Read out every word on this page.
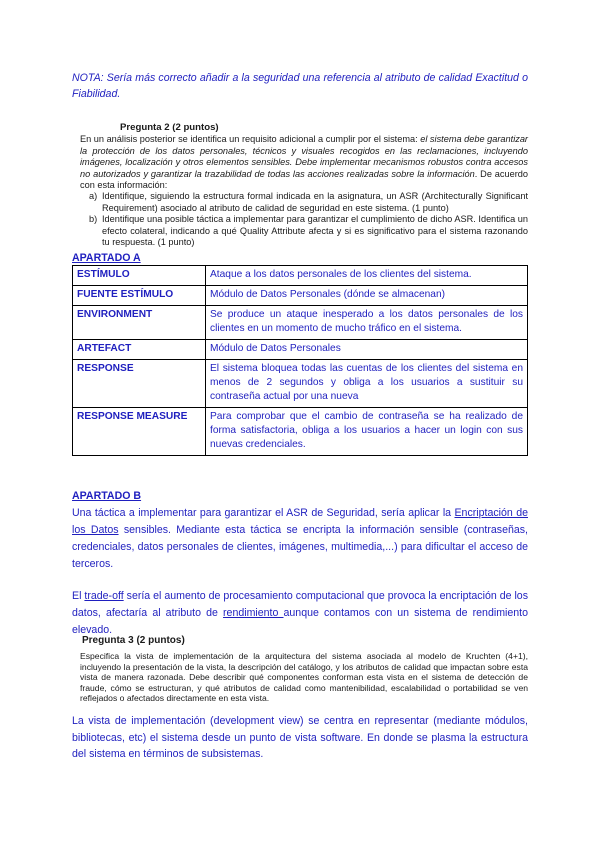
NOTA: Sería más correcto añadir a la seguridad una referencia al atributo de calidad Exactitud o Fiabilidad.
Pregunta 2 (2 puntos)

En un análisis posterior se identifica un requisito adicional a cumplir por el sistema: el sistema debe garantizar la protección de los datos personales, técnicos y visuales recogidos en las reclamaciones, incluyendo imágenes, localización y otros elementos sensibles. Debe implementar mecanismos robustos contra accesos no autorizados y garantizar la trazabilidad de todas las acciones realizadas sobre la información. De acuerdo con esta información:

a) Identifique, siguiendo la estructura formal indicada en la asignatura, un ASR (Architecturally Significant Requirement) asociado al atributo de calidad de seguridad en este sistema. (1 punto)
b) Identifique una posible táctica a implementar para garantizar el cumplimiento de dicho ASR. Identifica un efecto colateral, indicando a qué Quality Attribute afecta y si es significativo para el sistema razonando tu respuesta. (1 punto)
APARTADO A
ESTÍMULO	Ataque a los datos personales de los clientes del sistema.
FUENTE ESTÍMULO	Módulo de Datos Personales (dónde se almacenan)
ENVIRONMENT	Se produce un ataque inesperado a los datos personales de los clientes en un momento de mucho tráfico en el sistema.
ARTEFACT	Módulo de Datos Personales
RESPONSE	El sistema bloquea todas las cuentas de los clientes del sistema en menos de 2 segundos y obliga a los usuarios a sustituir su contraseña actual por una nueva
RESPONSE MEASURE	Para comprobar que el cambio de contraseña se ha realizado de forma satisfactoria, obliga a los usuarios a hacer un login con sus nuevas credenciales.
APARTADO B

Una táctica a implementar para garantizar el ASR de Seguridad, sería aplicar la Encriptación de los Datos sensibles. Mediante esta táctica se encripta la información sensible (contraseñas, credenciales, datos personales de clientes, imágenes, multimedia,...) para dificultar el acceso de terceros.

El trade-off sería el aumento de procesamiento computacional que provoca la encriptación de los datos, afectaría al atributo de rendimiento aunque contamos con un sistema de rendimiento elevado.

Pregunta 3 (2 puntos)

Especifica la vista de implementación de la arquitectura del sistema asociada al modelo de Kruchten (4+1), incluyendo la presentación de la vista, la descripción del catálogo, y los atributos de calidad que impactan sobre esta vista de manera razonada. Debe describir qué componentes conforman esta vista en el sistema de detección de fraude, cómo se estructuran, y qué atributos de calidad como mantenibilidad, escalabilidad o portabilidad se ven reflejados o afectados directamente en esta vista.

La vista de implementación (development view) se centra en representar (mediante módulos, bibliotecas, etc) el sistema desde un punto de vista software. En donde se plasma la estructura del sistema en términos de subsistemas.
